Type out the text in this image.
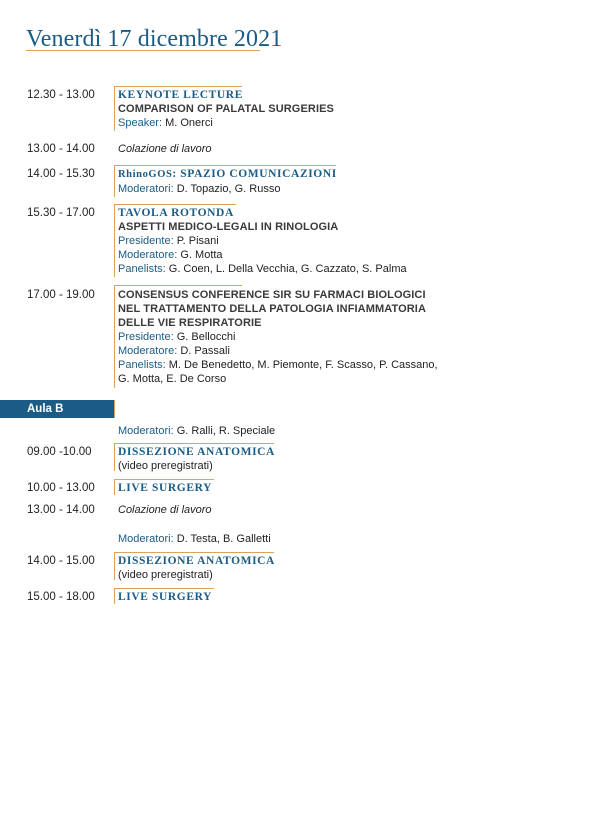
Venerdì 17 dicembre 2021
12.30 - 13.00 KEYNOTE LECTURE
COMPARISON OF PALATAL SURGERIES
Speaker: M. Onerci
13.00 - 14.00 Colazione di lavoro
14.00 - 15.30 RhinoGOS: SPAZIO COMUNICAZIONI
Moderatori: D. Topazio, G. Russo
15.30 - 17.00 TAVOLA ROTONDA
ASPETTI MEDICO-LEGALI IN RINOLOGIA
Presidente: P. Pisani
Moderatore: G. Motta
Panelists: G. Coen, L. Della Vecchia, G. Cazzato, S. Palma
17.00 - 19.00 CONSENSUS CONFERENCE SIR SU FARMACI BIOLOGICI
NEL TRATTAMENTO DELLA PATOLOGIA INFIAMMATORIA
DELLE VIE RESPIRATORIE
Presidente: G. Bellocchi
Moderatore: D. Passali
Panelists: M. De Benedetto, M. Piemonte, F. Scasso, P. Cassano,
G. Motta, E. De Corso
Aula B
Moderatori: G. Ralli, R. Speciale
09.00 -10.00 DISSEZIONE ANATOMICA
(video preregistrati)
10.00 - 13.00 LIVE SURGERY
13.00 - 14.00 Colazione di lavoro
Moderatori: D. Testa, B. Galletti
14.00 - 15.00 DISSEZIONE ANATOMICA
(video preregistrati)
15.00 - 18.00 LIVE SURGERY
